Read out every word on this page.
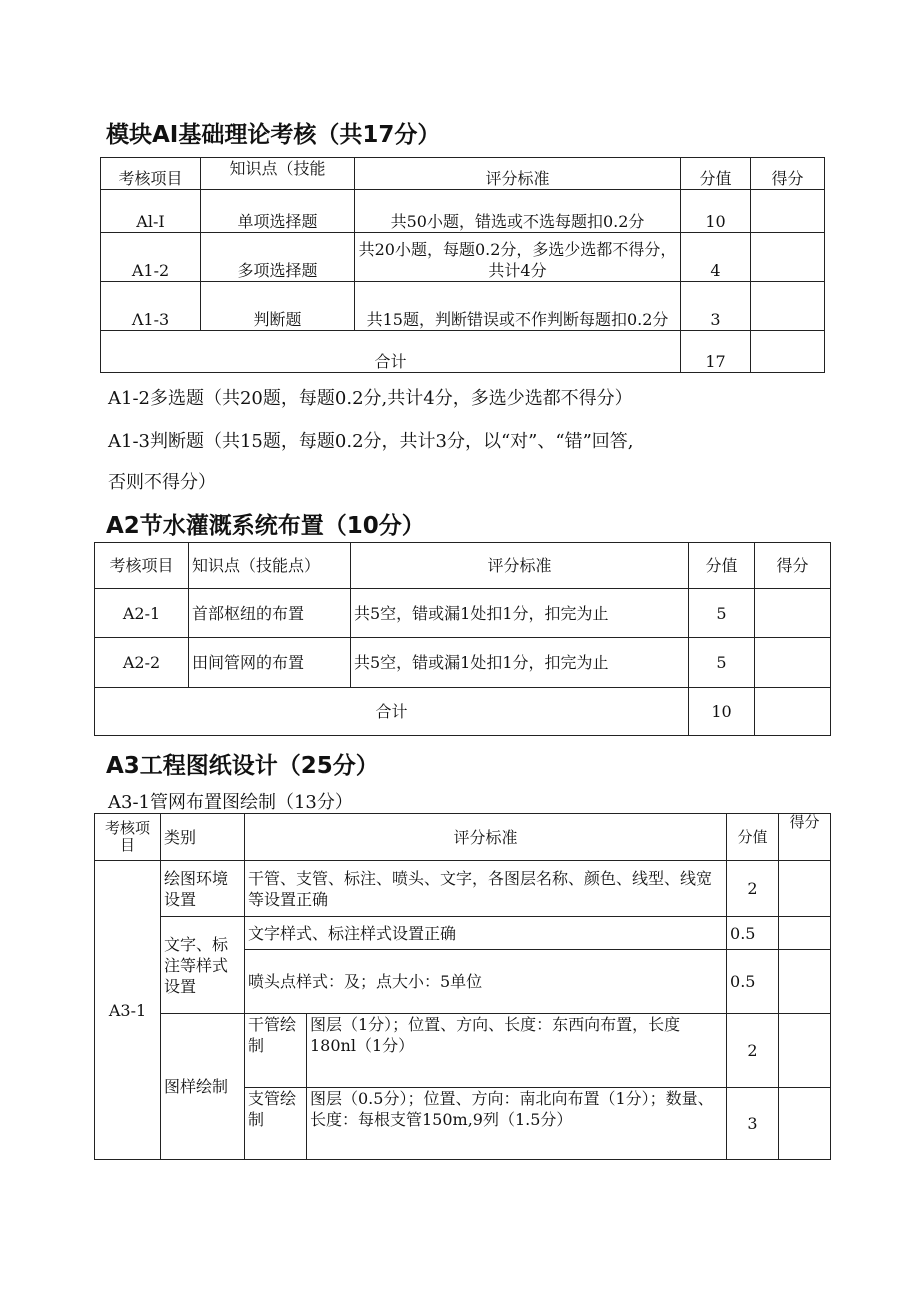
模块AI基础理论考核（共17分）
考核项目	知识点（技能	评分标准	分值	得分
Al-I	单项选择题	共50小题，错选或不选每题扣0.2分	10	
A1-2	多项选择题	共20小题，每题0.2分，多选少选都不得分，共计4分	4	
Λ1-3	判断题	共15题，判断错误或不作判断每题扣0.2分	3	
合计			17	
A1-2多选题（共20题，每题0.2分,共计4分，多选少选都不得分）
A1-3判断题（共15题，每题0.2分，共计3分，以“对”、“错”回答,
否则不得分）
A2节水灌溉系统布置（10分）
考核项目	知识点（技能点）	评分标准	分值	得分
A2-1	首部枢纽的布置	共5空，错或漏1处扣1分，扣完为止	5	
A2-2	田间管网的布置	共5空，错或漏1处扣1分，扣完为止	5	
合计			10	
A3工程图纸设计（25分）
A3-1管网布置图绘制（13分）
考核项目	类别	评分标准		分值	得分
A3-1	绘图环境设置	干管、支管、标注、喷头、文字，各图层名称、颜色、线型、线宽等设置正确		2	
	文字、标注等样式设置	文字样式、标注样式设置正确		0.5	
		喷头点样式：及；点大小：5单位		0.5	
	图样绘制	干管绘制	图层（1分）；位置、方向、长度：东西向布置，长度180nl（1分）	2	
		支管绘制	图层（0.5分）；位置、方向：南北向布置（1分）；数量、长度：每根支管150m,9列（1.5分）	3	
